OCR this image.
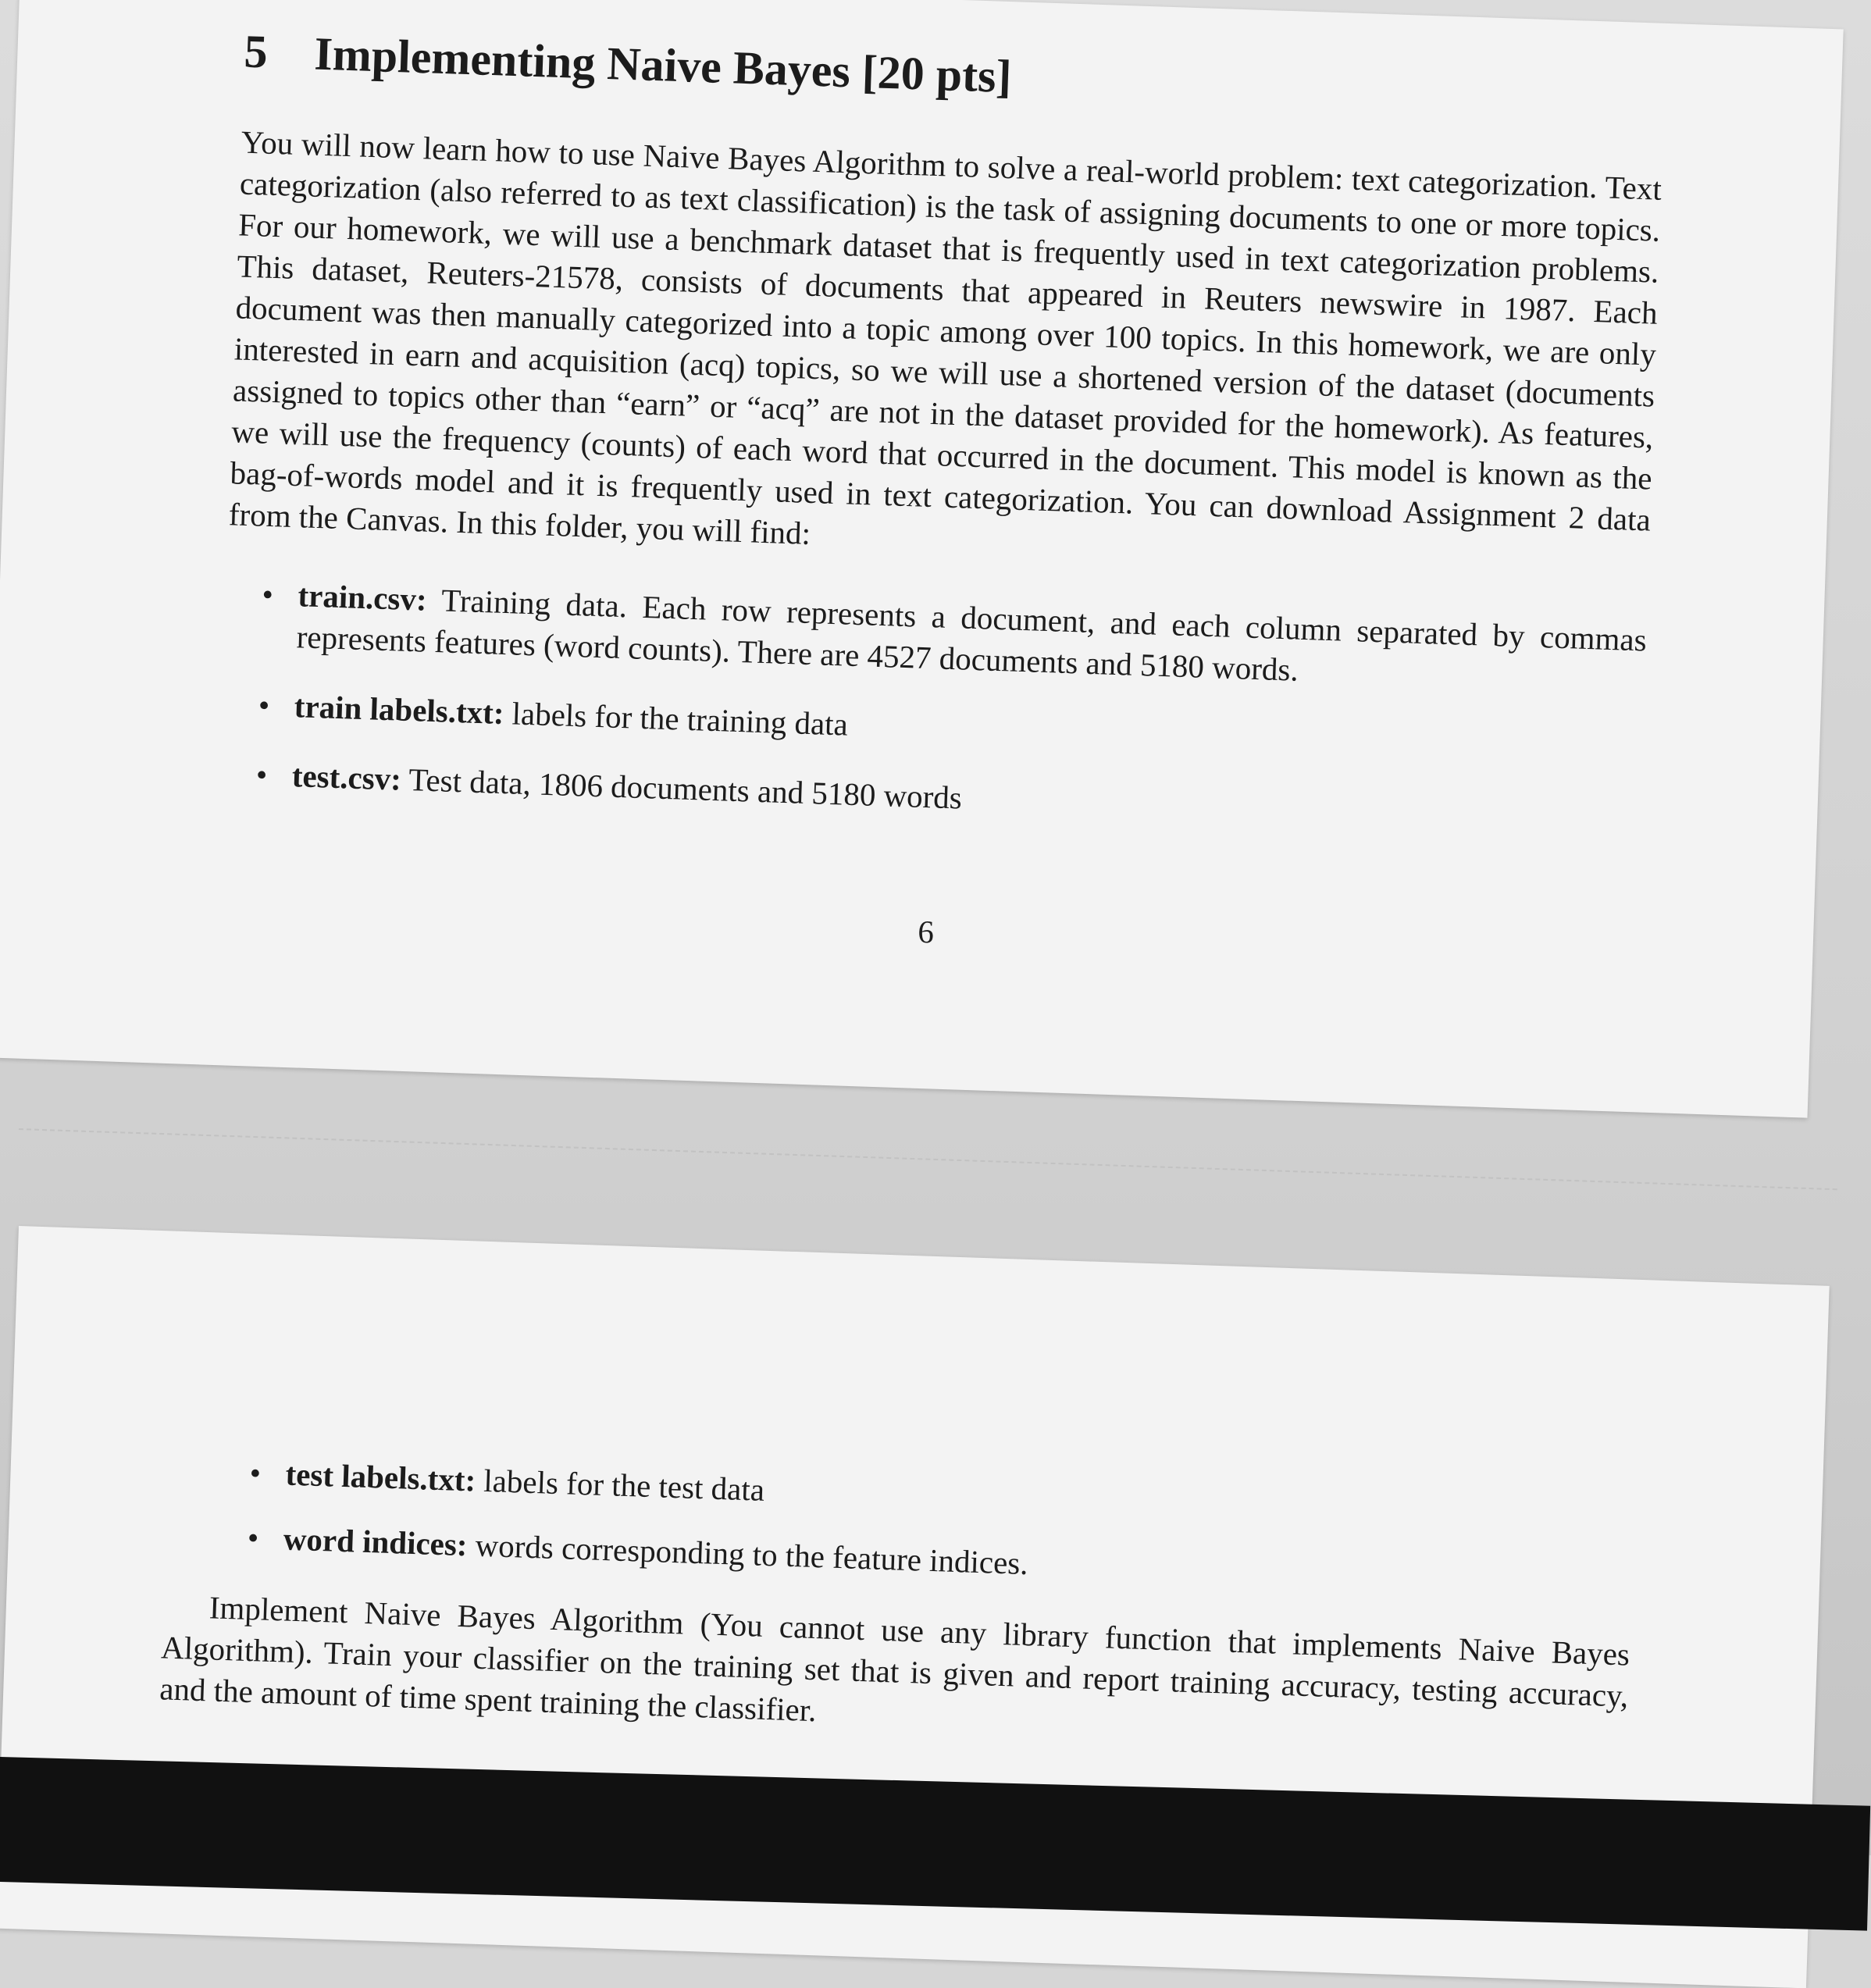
5 Implementing Naive Bayes [20 pts]

You will now learn how to use Naive Bayes Algorithm to solve a real-world problem: text categorization. Text categorization (also referred to as text classification) is the task of assigning documents to one or more topics. For our homework, we will use a benchmark dataset that is frequently used in text categorization problems. This dataset, Reuters-21578, consists of documents that appeared in Reuters newswire in 1987. Each document was then manually categorized into a topic among over 100 topics. In this homework, we are only interested in earn and acquisition (acq) topics, so we will use a shortened version of the dataset (documents assigned to topics other than “earn” or “acq” are not in the dataset provided for the homework). As features, we will use the frequency (counts) of each word that occurred in the document. This model is known as the bag-of-words model and it is frequently used in text categorization. You can download Assignment 2 data from the Canvas. In this folder, you will find:

• train.csv: Training data. Each row represents a document, and each column separated by commas represents features (word counts). There are 4527 documents and 5180 words.
• train labels.txt: labels for the training data
• test.csv: Test data, 1806 documents and 5180 words
6
• test labels.txt: labels for the test data
• word indices: words corresponding to the feature indices.

Implement Naive Bayes Algorithm (You cannot use any library function that implements Naive Bayes Algorithm). Train your classifier on the training set that is given and report training accuracy, testing accuracy, and the amount of time spent training the classifier.
